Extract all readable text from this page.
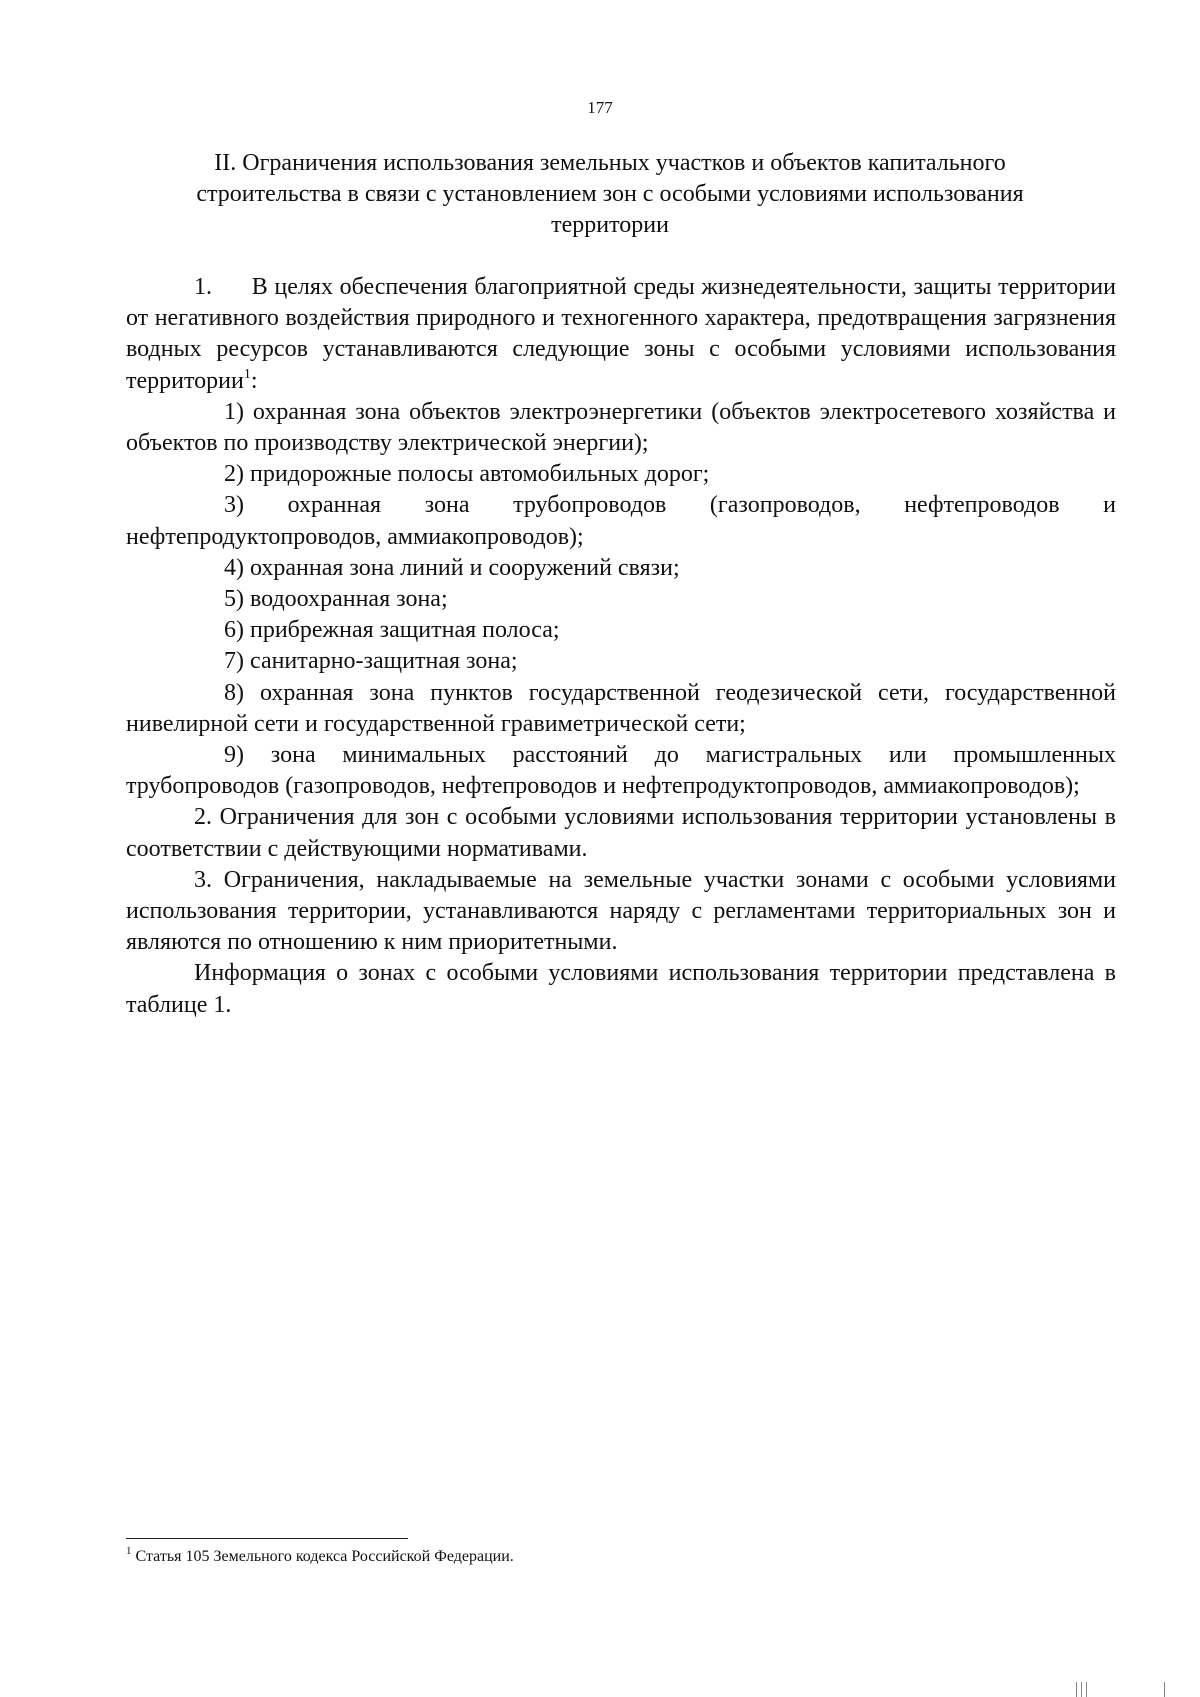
177
II. Ограничения использования земельных участков и объектов капитального строительства в связи с установлением зон с особыми условиями использования территории

1. В целях обеспечения благоприятной среды жизнедеятельности, защиты территории от негативного воздействия природного и техногенного характера, предотвращения загрязнения водных ресурсов устанавливаются следующие зоны с особыми условиями использования территории$^1$:

1) охранная зона объектов электроэнергетики (объектов электросетевого хозяйства и объектов по производству электрической энергии);

2) придорожные полосы автомобильных дорог;

3) охранная зона трубопроводов (газопроводов, нефтепроводов и нефтепродуктопроводов, аммиакопроводов);

4) охранная зона линий и сооружений связи;

5) водоохранная зона;

6) прибрежная защитная полоса;

7) санитарно-защитная зона;

8) охранная зона пунктов государственной геодезической сети, государственной нивелирной сети и государственной гравиметрической сети;

9) зона минимальных расстояний до магистральных или промышленных трубопроводов (газопроводов, нефтепроводов и нефтепродуктопроводов, аммиакопроводов);

2. Ограничения для зон с особыми условиями использования территории установлены в соответствии с действующими нормативами.

3. Ограничения, накладываемые на земельные участки зонами с особыми условиями использования территории, устанавливаются наряду с регламентами территориальных зон и являются по отношению к ним приоритетными.

Информация о зонах с особыми условиями использования территории представлена в таблице 1.

$^1$ Статья 105 Земельного кодекса Российской Федерации.
